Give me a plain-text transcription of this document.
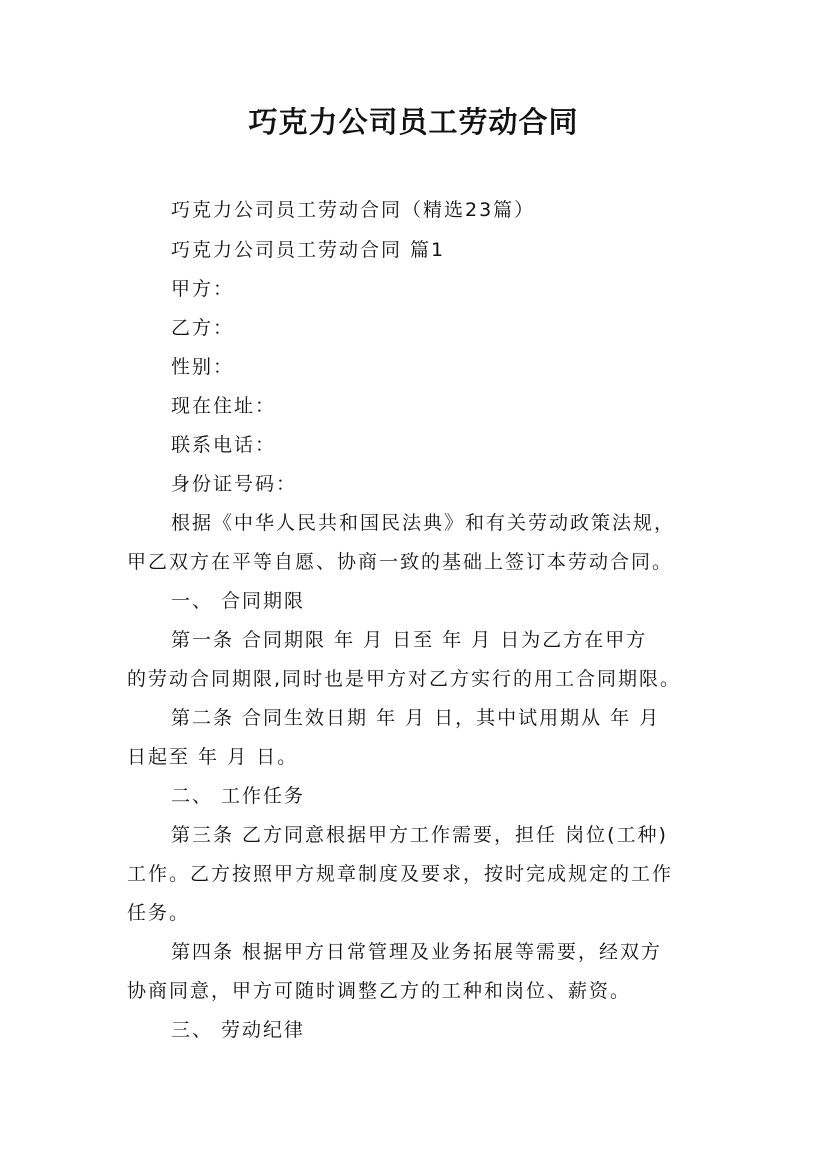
巧克力公司员工劳动合同
巧克力公司员工劳动合同（精选23篇）
巧克力公司员工劳动合同 篇1
甲方：
乙方：
性别：
现在住址：
联系电话：
身份证号码：
根据《中华人民共和国民法典》和有关劳动政策法规，
甲乙双方在平等自愿、协商一致的基础上签订本劳动合同。
一、 合同期限
第一条 合同期限 年 月 日至 年 月 日为乙方在甲方
的劳动合同期限,同时也是甲方对乙方实行的用工合同期限。
第二条 合同生效日期 年 月 日，其中试用期从 年 月
日起至 年 月 日。
二、 工作任务
第三条 乙方同意根据甲方工作需要，担任 岗位(工种)
工作。乙方按照甲方规章制度及要求，按时完成规定的工作
任务。
第四条 根据甲方日常管理及业务拓展等需要，经双方
协商同意，甲方可随时调整乙方的工种和岗位、薪资。
三、 劳动纪律
